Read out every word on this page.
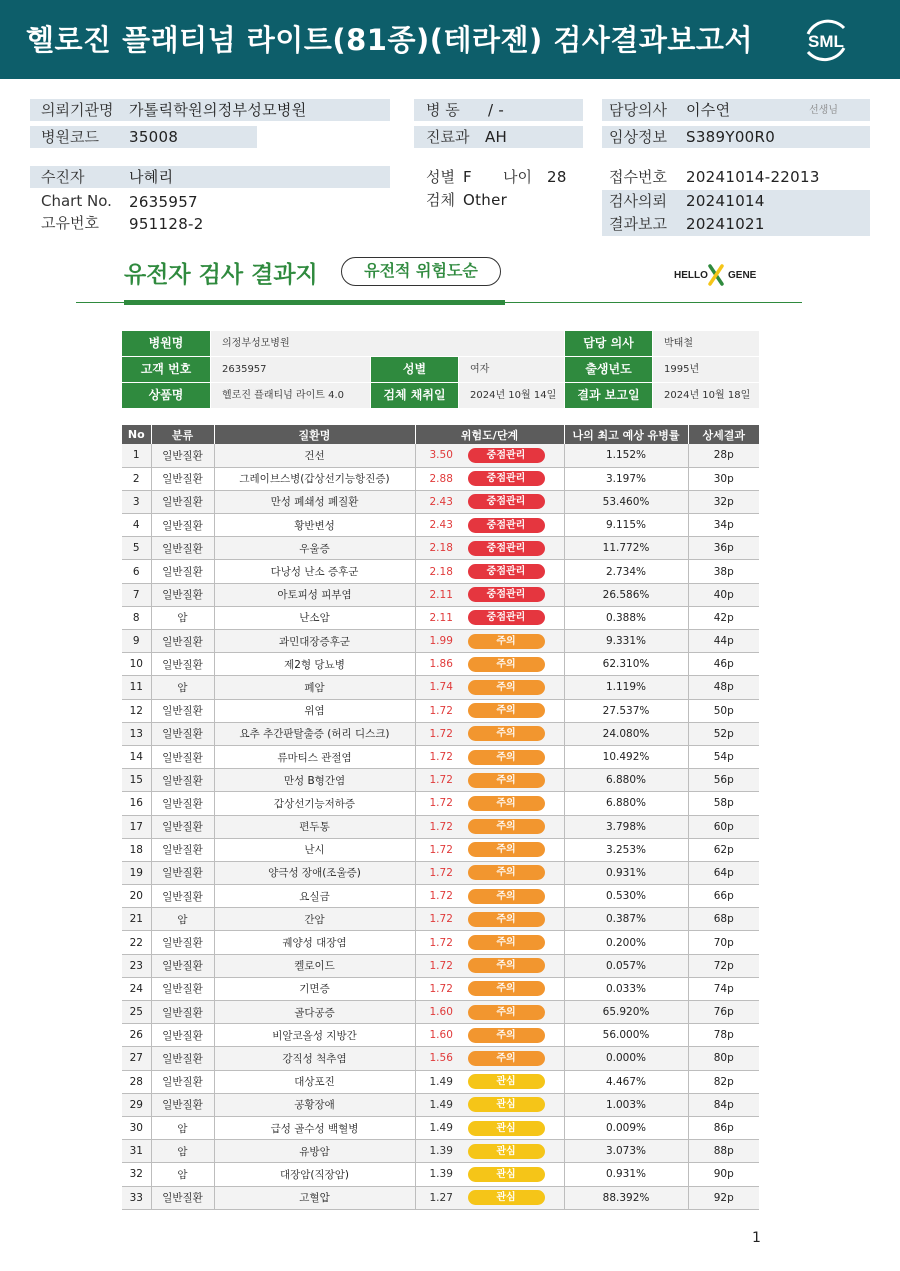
헬로진 플래티넘 라이트(81종)(테라젠) 검사결과보고서	SML
의뢰기관명 가톨릭학원의정부성모병원
병원코드 35008
병 동 / -
진료과 AH
담당의사 이수연	선생님
임상정보 S389Y00R0
수진자	나혜리
Chart No. 2635957
고유번호 951128-2
성별 F 나이 28
검체 Other
접수번호 20241014-22013
검사의뢰 20241014
결과보고 20241021
유전자 검사 결과지	유전적 위험도순	HELLO GENE
병원명	의정부성모병원	담당 의사	박태철
고객 번호	2635957	성별	여자	출생년도	1995년
상품명	헬로진 플래티넘 라이트 4.0	검체 채취일	2024년 10월 14일	결과 보고일	2024년 10월 18일
No	분류	질환명	위험도/단계	나의 최고 예상 유병률	상세결과
1	일반질환	건선	3.50 중점관리	1.152%	28p
2	일반질환	그레이브스병(갑상선기능항진증)	2.88 중점관리	3.197%	30p
3	일반질환	만성 폐쇄성 폐질환	2.43 중점관리	53.460%	32p
4	일반질환	황반변성	2.43 중점관리	9.115%	34p
5	일반질환	우울증	2.18 중점관리	11.772%	36p
6	일반질환	다낭성 난소 증후군	2.18 중점관리	2.734%	38p
7	일반질환	아토피성 피부염	2.11 중점관리	26.586%	40p
8	암	난소암	2.11 중점관리	0.388%	42p
9	일반질환	과민대장증후군	1.99 주의	9.331%	44p
10	일반질환	제2형 당뇨병	1.86 주의	62.310%	46p
11	암	폐암	1.74 주의	1.119%	48p
12	일반질환	위염	1.72 주의	27.537%	50p
13	일반질환	요추 추간판탈출증 (허리 디스크)	1.72 주의	24.080%	52p
14	일반질환	류마티스 관절염	1.72 주의	10.492%	54p
15	일반질환	만성 B형간염	1.72 주의	6.880%	56p
16	일반질환	갑상선기능저하증	1.72 주의	6.880%	58p
17	일반질환	편두통	1.72 주의	3.798%	60p
18	일반질환	난시	1.72 주의	3.253%	62p
19	일반질환	양극성 장애(조울증)	1.72 주의	0.931%	64p
20	일반질환	요실금	1.72 주의	0.530%	66p
21	암	간암	1.72 주의	0.387%	68p
22	일반질환	궤양성 대장염	1.72 주의	0.200%	70p
23	일반질환	켈로이드	1.72 주의	0.057%	72p
24	일반질환	기면증	1.72 주의	0.033%	74p
25	일반질환	골다공증	1.60 주의	65.920%	76p
26	일반질환	비알코올성 지방간	1.60 주의	56.000%	78p
27	일반질환	강직성 척추염	1.56 주의	0.000%	80p
28	일반질환	대상포진	1.49 관심	4.467%	82p
29	일반질환	공황장애	1.49 관심	1.003%	84p
30	암	급성 골수성 백혈병	1.49 관심	0.009%	86p
31	암	유방암	1.39 관심	3.073%	88p
32	암	대장암(직장암)	1.39 관심	0.931%	90p
33	일반질환	고혈압	1.27 관심	88.392%	92p
1
